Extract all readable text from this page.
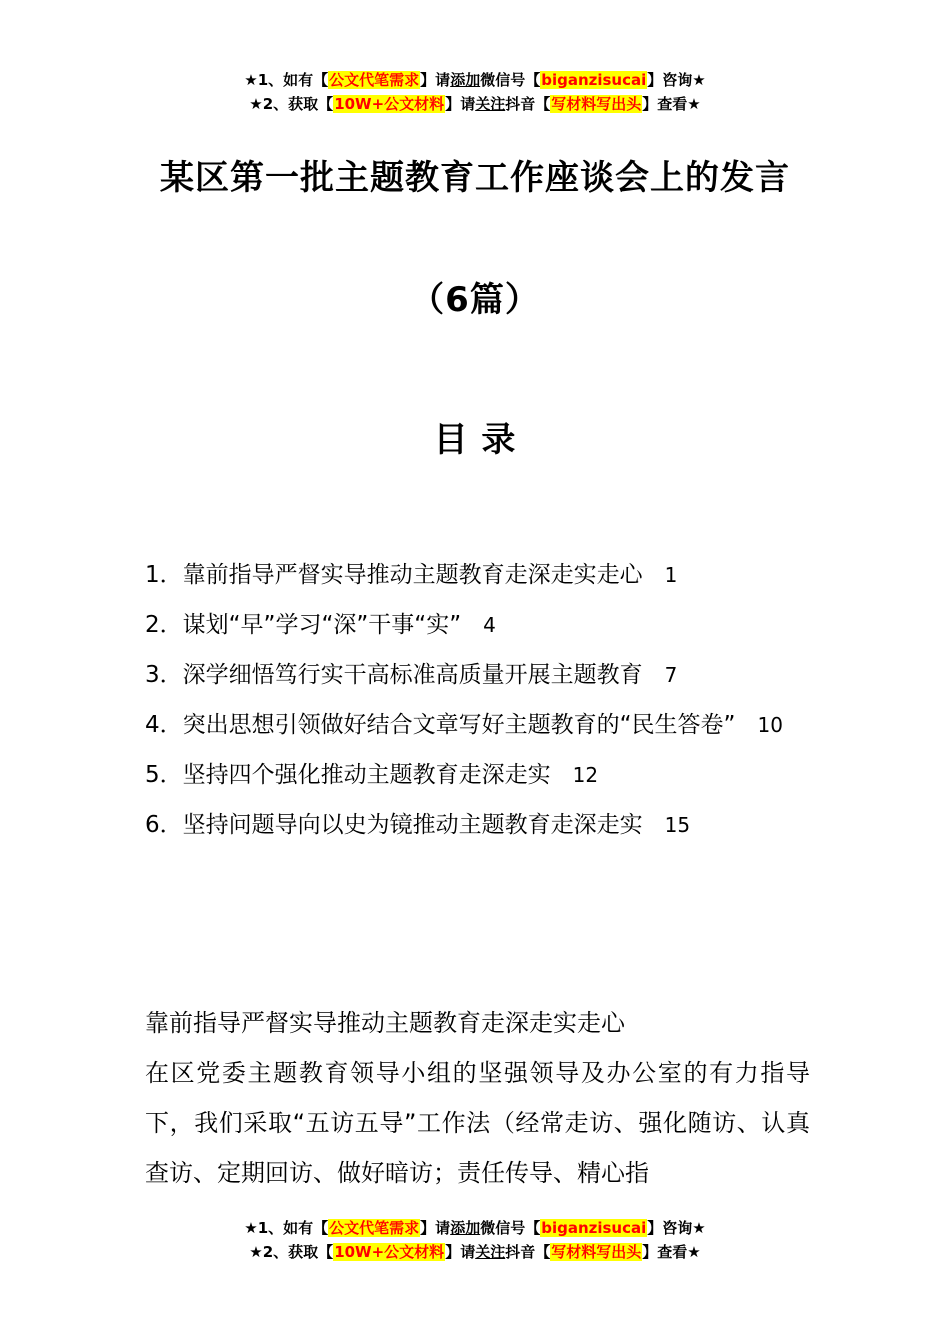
★1、如有【公文代笔需求】请添加微信号【biganzisucai】咨询★
★2、获取【10W+公文材料】请关注抖音【写材料写出头】查看★
某区第一批主题教育工作座谈会上的发言
（6篇）
目 录
1．靠前指导严督实导推动主题教育走深走实走心 1
2．谋划“早”学习“深”干事“实” 4
3．深学细悟笃行实干高标准高质量开展主题教育 7
4．突出思想引领做好结合文章写好主题教育的“民生答卷” 10
5．坚持四个强化推动主题教育走深走实 12
6．坚持问题导向以史为镜推动主题教育走深走实 15

靠前指导严督实导推动主题教育走深走实走心

在区党委主题教育领导小组的坚强领导及办公室的有力指导下，我们采取“五访五导”工作法（经常走访、强化随访、认真查访、定期回访、做好暗访；责任传导、精心指

★1、如有【公文代笔需求】请添加微信号【biganzisucai】咨询★
★2、获取【10W+公文材料】请关注抖音【写材料写出头】查看★
